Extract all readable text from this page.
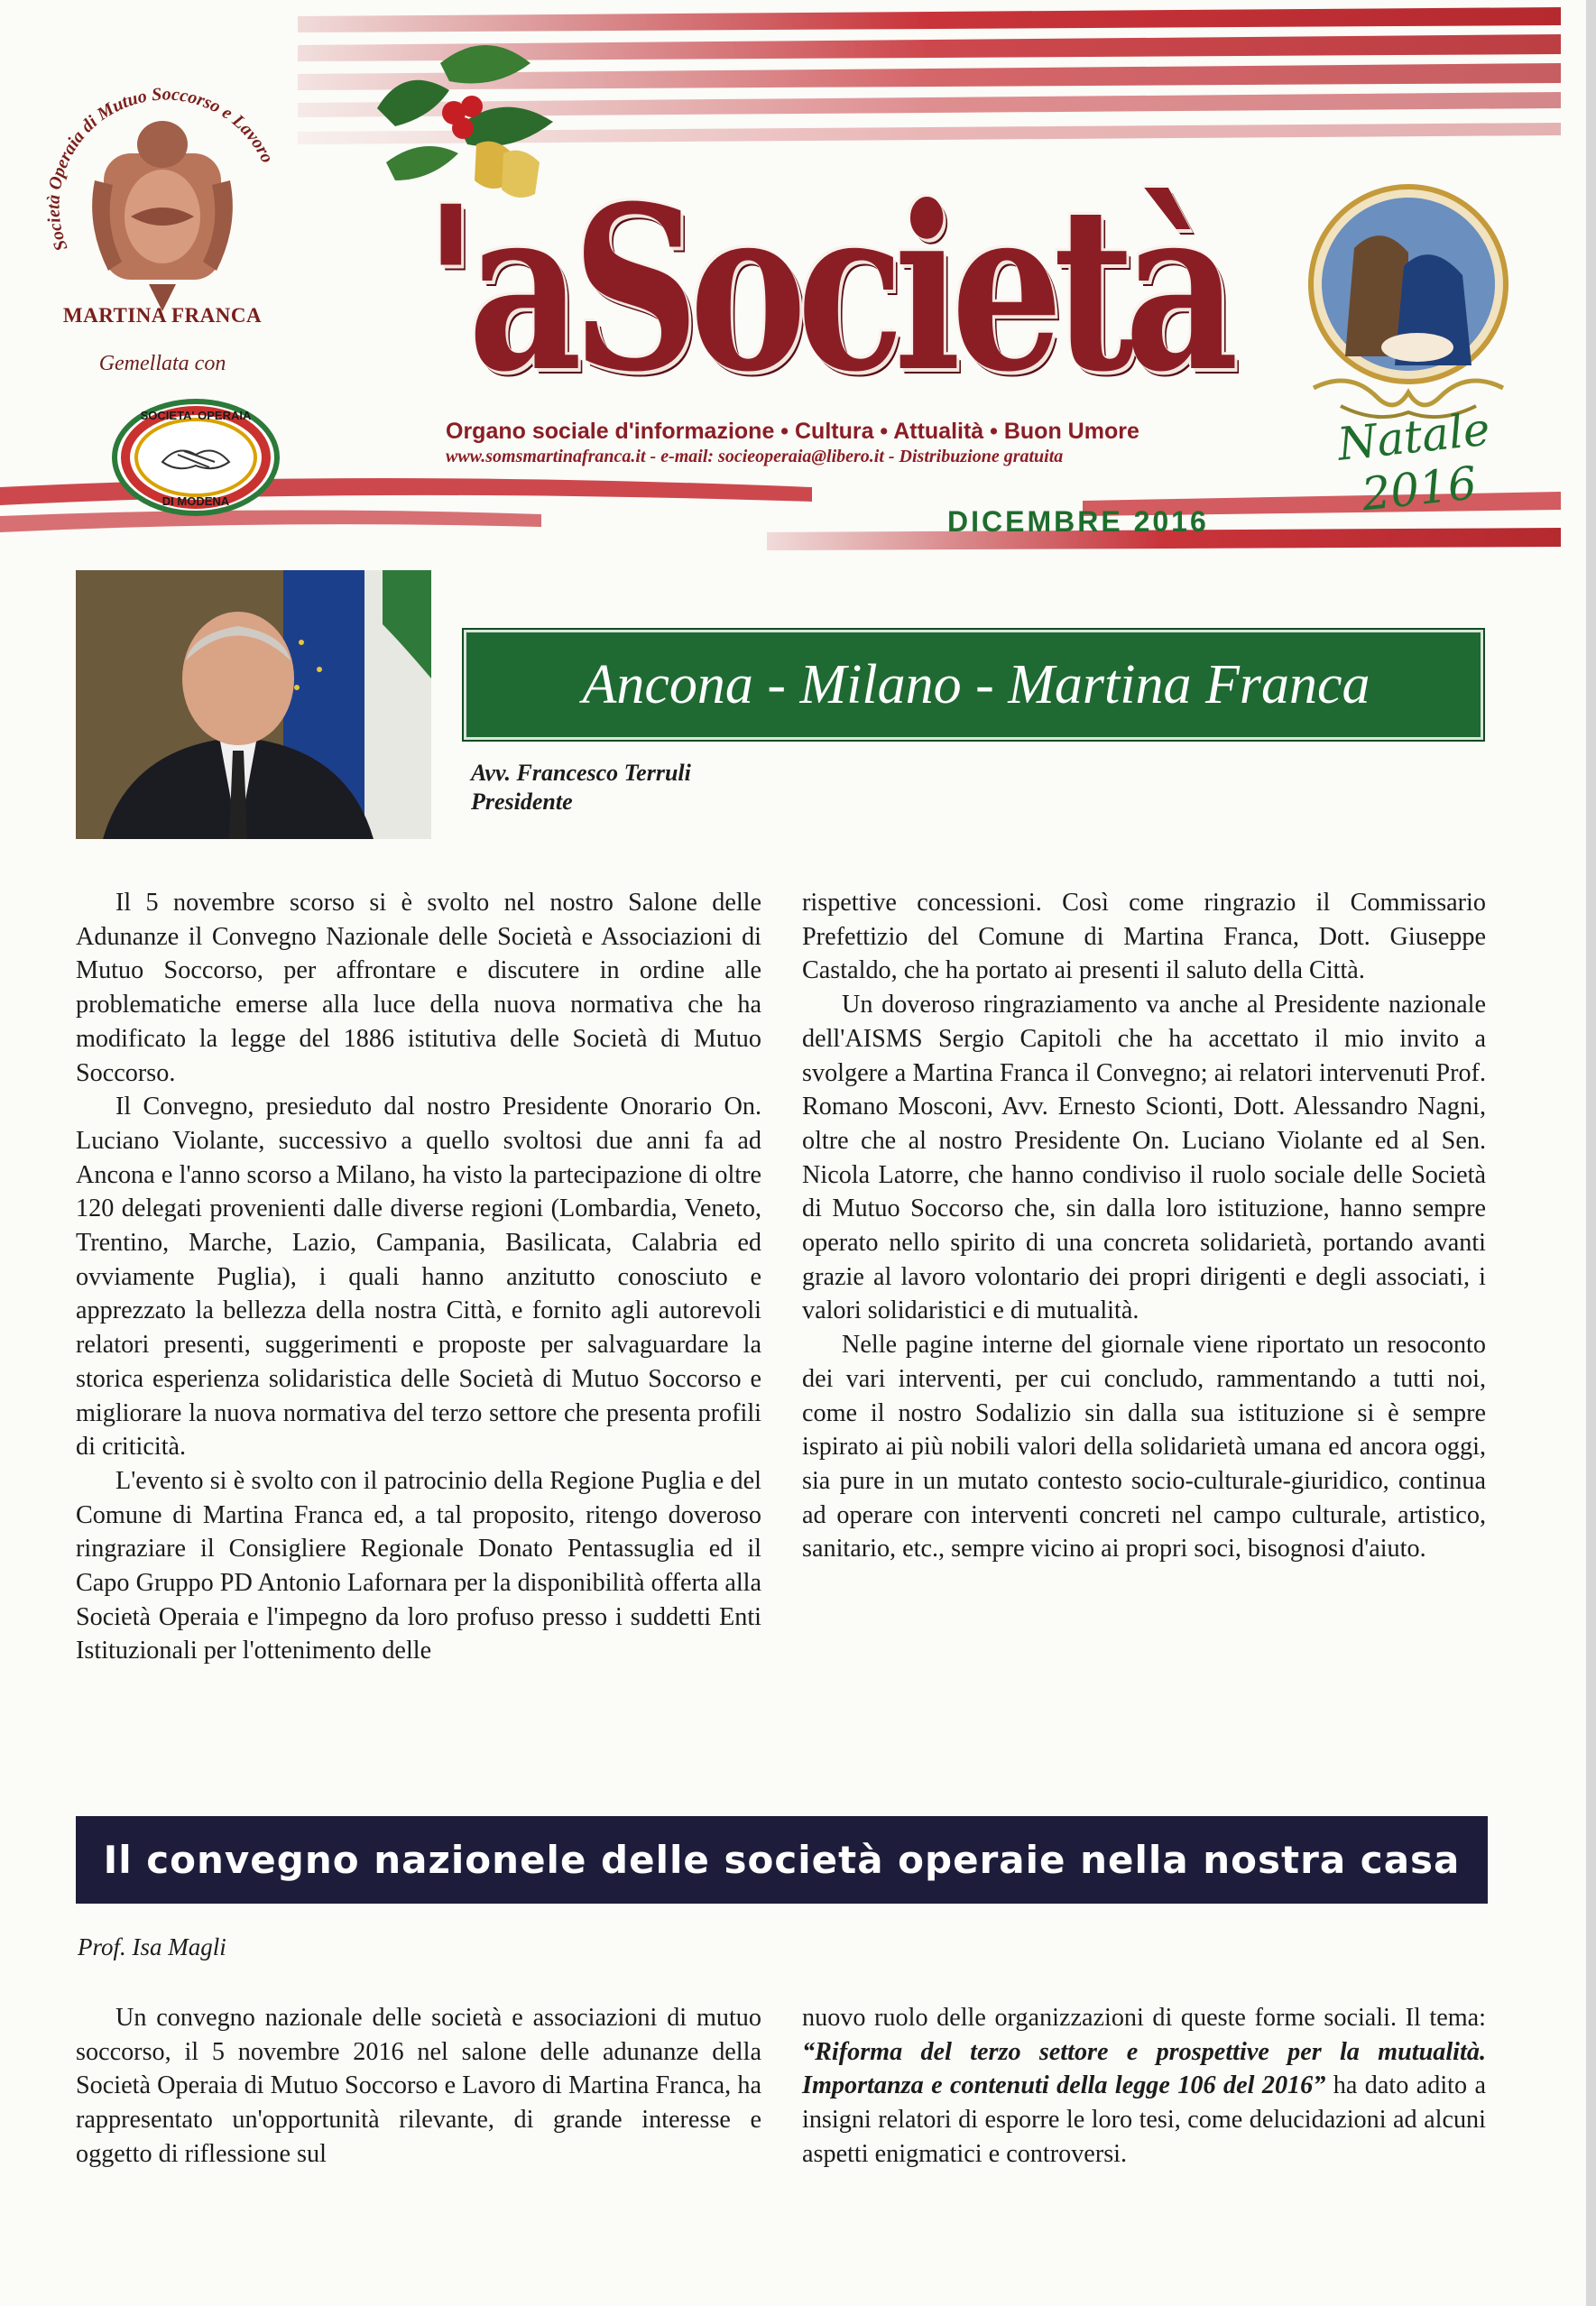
Società Operaia di Mutuo Soccorso e Lavoro
MARTINA FRANCA
Gemellata con
SOCIETA' OPERAIA
DI MODENA
'aSocietà
Organo sociale d'informazione • Cultura • Attualità • Buon Umore
www.somsmartinafranca.it - e-mail: socieoperaia@libero.it - Distribuzione gratuita
DICEMBRE 2016
Natale 2016
Ancona - Milano - Martina Franca
Avv. Francesco Terruli
Presidente

Il 5 novembre scorso si è svolto nel nostro Salone delle Adunanze il Convegno Nazionale delle Società e Associazioni di Mutuo Soccorso, per affrontare e discutere in ordine alle problematiche emerse alla luce della nuova normativa che ha modificato la legge del 1886 istitutiva delle Società di Mutuo Soccorso.

Il Convegno, presieduto dal nostro Presidente Onorario On. Luciano Violante, successivo a quello svoltosi due anni fa ad Ancona e l'anno scorso a Milano, ha visto la partecipazione di oltre 120 delegati provenienti dalle diverse regioni (Lombardia, Veneto, Trentino, Marche, Lazio, Campania, Basilicata, Calabria ed ovviamente Puglia), i quali hanno anzitutto conosciuto e apprezzato la bellezza della nostra Città, e fornito agli autorevoli relatori presenti, suggerimenti e proposte per salvaguardare la storica esperienza solidaristica delle Società di Mutuo Soccorso e migliorare la nuova normativa del terzo settore che presenta profili di criticità.

L'evento si è svolto con il patrocinio della Regione Puglia e del Comune di Martina Franca ed, a tal proposito, ritengo doveroso ringraziare il Consigliere Regionale Donato Pentassuglia ed il Capo Gruppo PD Antonio Lafornara per la disponibilità offerta alla Società Operaia e l'impegno da loro profuso presso i suddetti Enti Istituzionali per l'ottenimento delle

rispettive concessioni. Così come ringrazio il Commissario Prefettizio del Comune di Martina Franca, Dott. Giuseppe Castaldo, che ha portato ai presenti il saluto della Città.

Un doveroso ringraziamento va anche al Presidente nazionale dell'AISMS Sergio Capitoli che ha accettato il mio invito a svolgere a Martina Franca il Convegno; ai relatori intervenuti Prof. Romano Mosconi, Avv. Ernesto Scionti, Dott. Alessandro Nagni, oltre che al nostro Presidente On. Luciano Violante ed al Sen. Nicola Latorre, che hanno condiviso il ruolo sociale delle Società di Mutuo Soccorso che, sin dalla loro istituzione, hanno sempre operato nello spirito di una concreta solidarietà, portando avanti grazie al lavoro volontario dei propri dirigenti e degli associati, i valori solidaristici e di mutualità.

Nelle pagine interne del giornale viene riportato un resoconto dei vari interventi, per cui concludo, rammentando a tutti noi, come il nostro Sodalizio sin dalla sua istituzione si è sempre ispirato ai più nobili valori della solidarietà umana ed ancora oggi, sia pure in un mutato contesto socio-culturale-giuridico, continua ad operare con interventi concreti nel campo culturale, artistico, sanitario, etc., sempre vicino ai propri soci, bisognosi d'aiuto.

Il convegno nazionele delle società operaie nella nostra casa
Prof. Isa Magli

Un convegno nazionale delle società e associazioni di mutuo soccorso, il 5 novembre 2016 nel salone delle adunanze della Società Operaia di Mutuo Soccorso e Lavoro di Martina Franca, ha rappresentato un'opportunità rilevante, di grande interesse e oggetto di riflessione sul

nuovo ruolo delle organizzazioni di queste forme sociali. Il tema: “Riforma del terzo settore e prospettive per la mutualità. Importanza e contenuti della legge 106 del 2016” ha dato adito a insigni relatori di esporre le loro tesi, come delucidazioni ad alcuni aspetti enigmatici e controversi.
